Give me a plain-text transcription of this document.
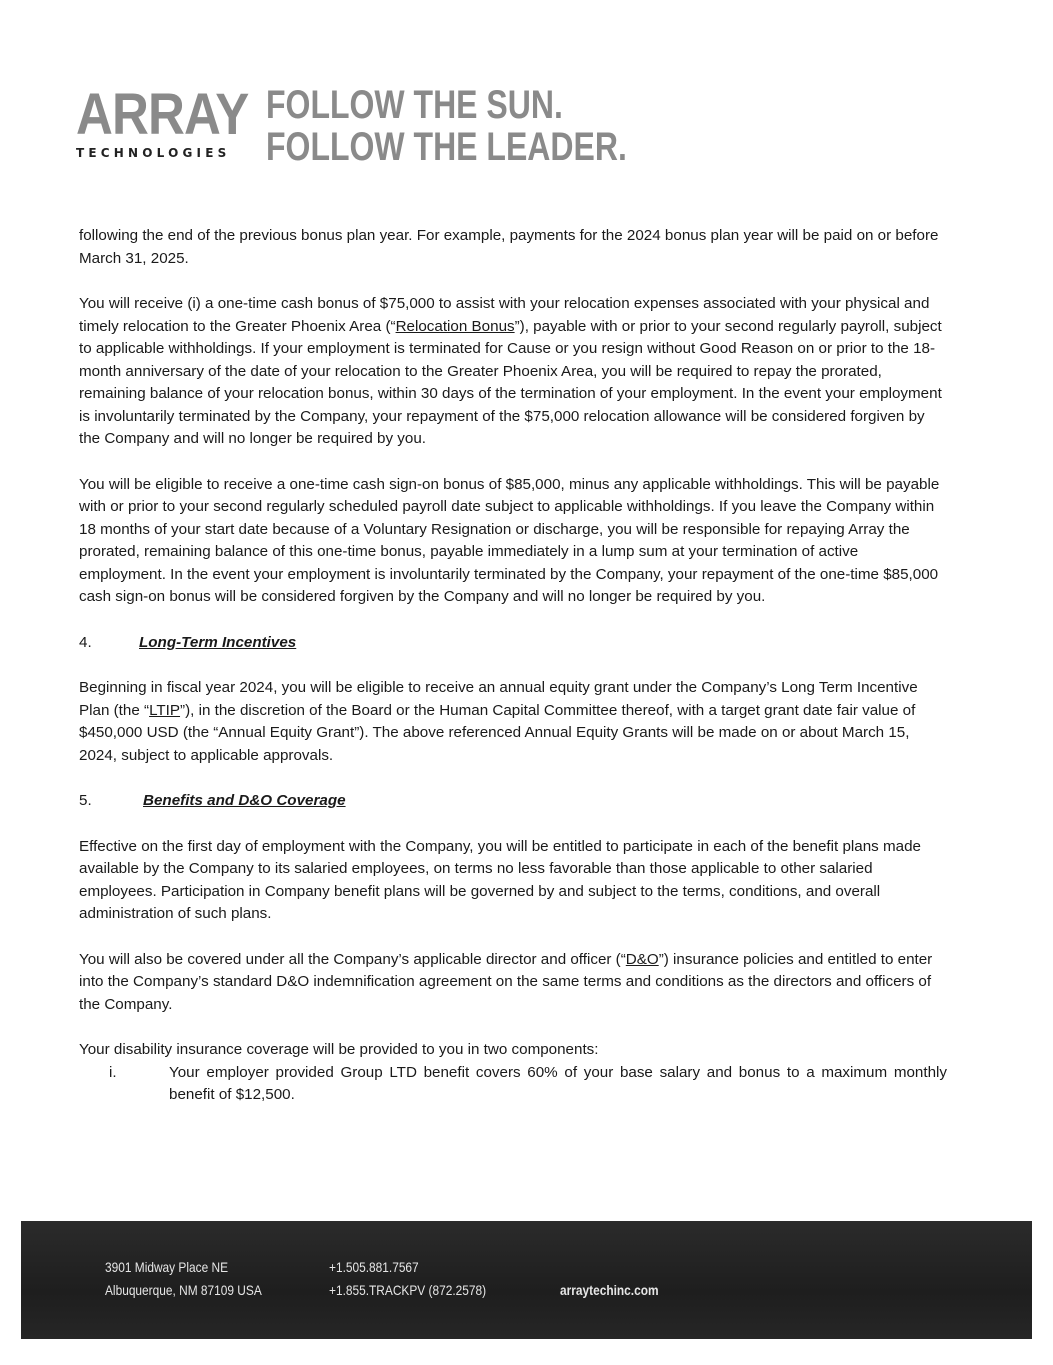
ARRAY
TECHNOLOGIES
FOLLOW THE SUN.
FOLLOW THE LEADER.

following the end of the previous bonus plan year. For example, payments for the 2024 bonus plan year will be paid on or before March 31, 2025.

You will receive (i) a one-time cash bonus of $75,000 to assist with your relocation expenses associated with your physical and timely relocation to the Greater Phoenix Area (“Relocation Bonus”), payable with or prior to your second regularly payroll, subject to applicable withholdings. If your employment is terminated for Cause or you resign without Good Reason on or prior to the 18-month anniversary of the date of your relocation to the Greater Phoenix Area, you will be required to repay the prorated, remaining balance of your relocation bonus, within 30 days of the termination of your employment. In the event your employment is involuntarily terminated by the Company, your repayment of the $75,000 relocation allowance will be considered forgiven by the Company and will no longer be required by you.

You will be eligible to receive a one-time cash sign-on bonus of $85,000, minus any applicable withholdings. This will be payable with or prior to your second regularly scheduled payroll date subject to applicable withholdings. If you leave the Company within 18 months of your start date because of a Voluntary Resignation or discharge, you will be responsible for repaying Array the prorated, remaining balance of this one-time bonus, payable immediately in a lump sum at your termination of active employment. In the event your employment is involuntarily terminated by the Company, your repayment of the one-time $85,000 cash sign-on bonus will be considered forgiven by the Company and will no longer be required by you.

4.	Long-Term Incentives

Beginning in fiscal year 2024, you will be eligible to receive an annual equity grant under the Company’s Long Term Incentive Plan (the “LTIP”), in the discretion of the Board or the Human Capital Committee thereof, with a target grant date fair value of $450,000 USD (the “Annual Equity Grant”). The above referenced Annual Equity Grants will be made on or about March 15, 2024, subject to applicable approvals.

5.	Benefits and D&O Coverage

Effective on the first day of employment with the Company, you will be entitled to participate in each of the benefit plans made available by the Company to its salaried employees, on terms no less favorable than those applicable to other salaried employees. Participation in Company benefit plans will be governed by and subject to the terms, conditions, and overall administration of such plans.

You will also be covered under all the Company’s applicable director and officer (“D&O”) insurance policies and entitled to enter into the Company’s standard D&O indemnification agreement on the same terms and conditions as the directors and officers of the Company.

Your disability insurance coverage will be provided to you in two components:

i.	Your employer provided Group LTD benefit covers 60% of your base salary and bonus to a maximum monthly benefit of $12,500.
3901 Midway Place NE
Albuquerque, NM 87109 USA
+1.505.881.7567
+1.855.TRACKPV (872.2578)	arraytechinc.com
